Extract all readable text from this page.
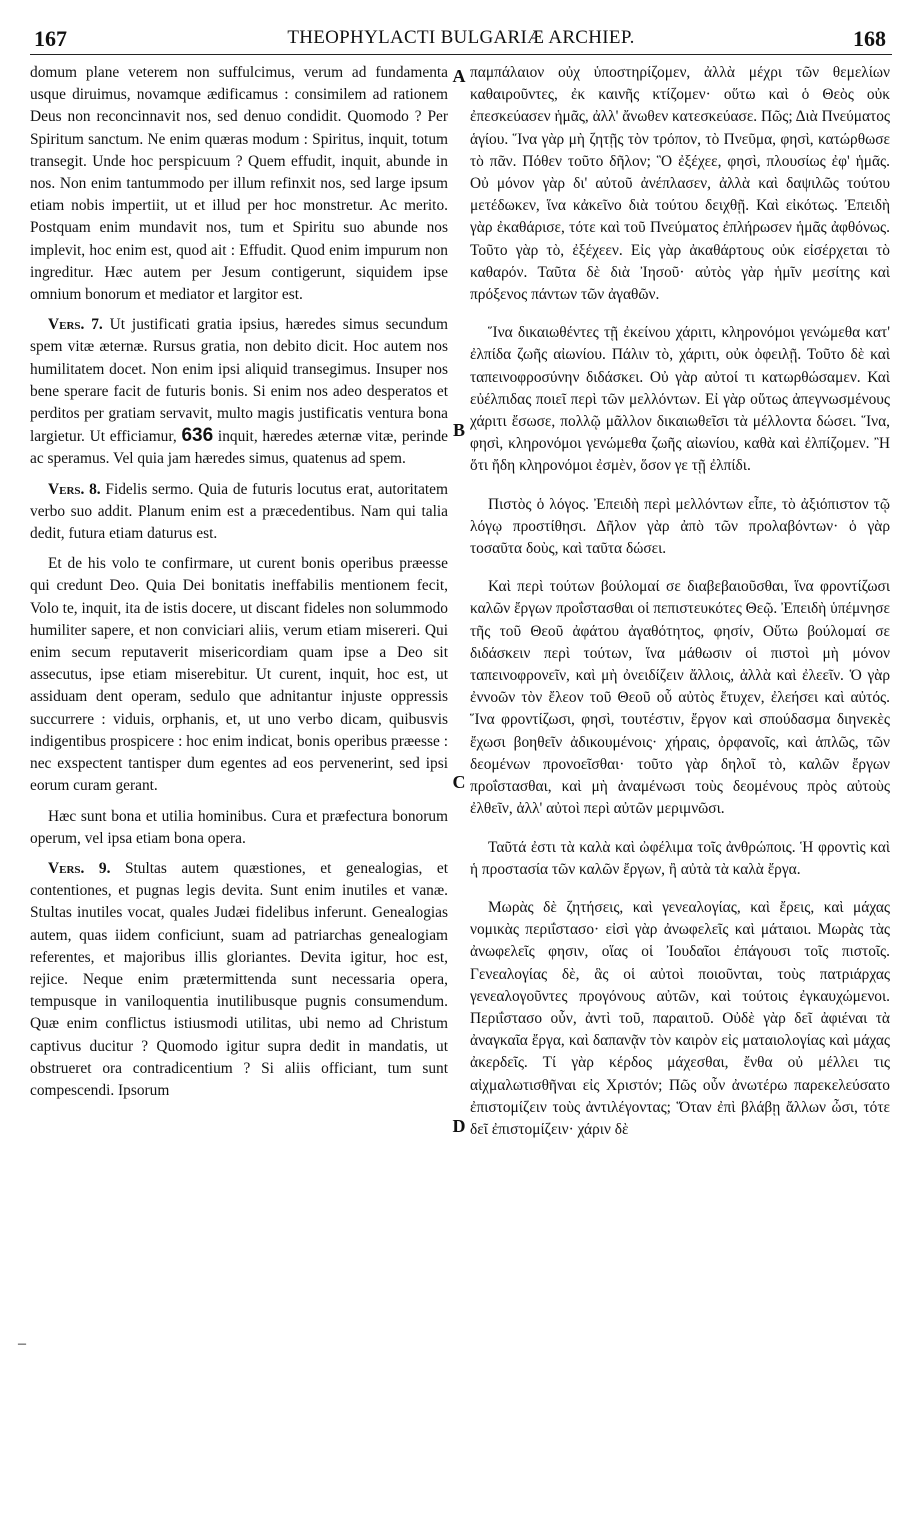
167	THEOPHYLACTI BULGARIÆ ARCHIEP.	168

domum plane veterem non suffulcimus, verum ad fundamenta usque diruimus, novamque ædificamus : consimilem ad rationem Deus non reconcinnavit nos, sed denuo condidit. Quomodo ? Per Spiritum sanctum. Ne enim quæras modum : Spiritus, inquit, totum transegit. Unde hoc perspicuum ? Quem effudit, inquit, abunde in nos. Non enim tantummodo per illum refinxit nos, sed large ipsum etiam nobis impertiit, ut et illud per hoc monstretur. Ac merito. Postquam enim mundavit nos, tum et Spiritu suo abunde nos implevit, hoc enim est, quod ait : Effudit. Quod enim impurum non ingreditur. Hæc autem per Jesum contigerunt, siquidem ipse omnium bonorum et mediator et largitor est.

Vers. 7. Ut justificati gratia ipsius, hæredes simus secundum spem vitæ æternæ. Rursus gratia, non debito dicit. Hoc autem nos humilitatem docet. Non enim ipsi aliquid transegimus. Insuper nos bene sperare facit de futuris bonis. Si enim nos adeo desperatos et perditos per gratiam servavit, multo magis justificatis ventura bona largietur. Ut efficiamur, 636 inquit, hæredes æternæ vitæ, perinde ac speramus. Vel quia jam hæredes simus, quatenus ad spem.

Vers. 8. Fidelis sermo. Quia de futuris locutus erat, autoritatem verbo suo addit. Planum enim est a præcedentibus. Nam qui talia dedit, futura etiam daturus est.

Et de his volo te confirmare, ut curent bonis operibus præesse qui credunt Deo. Quia Dei bonitatis ineffabilis mentionem fecit, Volo te, inquit, ita de istis docere, ut discant fideles non solummodo humiliter sapere, et non conviciari aliis, verum etiam misereri. Qui enim secum reputaverit misericordiam quam ipse a Deo sit assecutus, ipse etiam miserebitur. Ut curent, inquit, hoc est, ut assiduam dent operam, sedulo que adnitantur injuste oppressis succurrere : viduis, orphanis, et, ut uno verbo dicam, quibusvis indigentibus prospicere : hoc enim indicat, bonis operibus præesse : nec exspectent tantisper dum egentes ad eos pervenerint, sed ipsi eorum curam gerant.

Hæc sunt bona et utilia hominibus. Cura et præfectura bonorum operum, vel ipsa etiam bona opera.

Vers. 9. Stultas autem quæstiones, et genealogias, et contentiones, et pugnas legis devita. Sunt enim inutiles et vanæ. Stultas inutiles vocat, quales Judæi fidelibus inferunt. Genealogias autem, quas iidem conficiunt, suam ad patriarchas genealogiam referentes, et majoribus illis gloriantes. Devita igitur, hoc est, rejice. Neque enim prætermittenda sunt necessaria opera, tempusque in vaniloquentia inutilibusque pugnis consumendum. Quæ enim conflictus istiusmodi utilitas, ubi nemo ad Christum captivus ducitur ? Quomodo igitur supra dedit in mandatis, ut obstrueret ora contradicentium ? Si aliis officiant, tum sunt compescendi. Ipsorum

–
A
B
C
D

παμπάλαιον οὐχ ὑποστηρίζομεν, ἀλλὰ μέχρι τῶν θεμελίων καθαιροῦντες, ἐκ καινῆς κτίζομεν· οὕτω καὶ ὁ Θεὸς οὐκ ἐπεσκεύασεν ἡμᾶς, ἀλλ' ἄνωθεν κατεσκεύασε. Πῶς; Διὰ Πνεύματος ἁγίου. Ἵνα γὰρ μὴ ζητῇς τὸν τρόπον, τὸ Πνεῦμα, φησὶ, κατώρθωσε τὸ πᾶν. Πόθεν τοῦτο δῆλον; Ὃ ἐξέχεε, φησὶ, πλουσίως ἐφ' ἡμᾶς. Οὐ μόνον γὰρ δι' αὐτοῦ ἀνέπλασεν, ἀλλὰ καὶ δαψιλῶς τούτου μετέδωκεν, ἵνα κἀκεῖνο διὰ τούτου δειχθῇ. Καὶ εἰκότως. Ἐπειδὴ γὰρ ἐκαθάρισε, τότε καὶ τοῦ Πνεύματος ἐπλήρωσεν ἡμᾶς ἀφθόνως. Τοῦτο γὰρ τὸ, ἐξέχεεν. Εἰς γὰρ ἀκαθάρτους οὐκ εἰσέρχεται τὸ καθαρόν. Ταῦτα δὲ διὰ Ἰησοῦ· αὐτὸς γὰρ ἡμῖν μεσίτης καὶ πρόξενος πάντων τῶν ἀγαθῶν.

Ἵνα δικαιωθέντες τῇ ἐκείνου χάριτι, κληρονόμοι γενώμεθα κατ' ἐλπίδα ζωῆς αἰωνίου. Πάλιν τὸ, χάριτι, οὐκ ὀφειλῇ. Τοῦτο δὲ καὶ ταπεινοφροσύνην διδάσκει. Οὐ γὰρ αὐτοί τι κατωρθώσαμεν. Καὶ εὐέλπιδας ποιεῖ περὶ τῶν μελλόντων. Εἰ γὰρ οὕτως ἀπεγνωσμένους χάριτι ἔσωσε, πολλῷ μᾶλλον δικαιωθεῖσι τὰ μέλλοντα δώσει. Ἵνα, φησὶ, κληρονόμοι γενώμεθα ζωῆς αἰωνίου, καθὰ καὶ ἐλπίζομεν. Ἢ ὅτι ἤδη κληρονόμοι ἐσμὲν, ὅσον γε τῇ ἐλπίδι.

Πιστὸς ὁ λόγος. Ἐπειδὴ περὶ μελλόντων εἶπε, τὸ ἀξιόπιστον τῷ λόγῳ προστίθησι. Δῆλον γὰρ ἀπὸ τῶν προλαβόντων· ὁ γὰρ τοσαῦτα δοὺς, καὶ ταῦτα δώσει.

Καὶ περὶ τούτων βούλομαί σε διαβεβαιοῦσθαι, ἵνα φροντίζωσι καλῶν ἔργων προΐστασθαι οἱ πεπιστευκότες Θεῷ. Ἐπειδὴ ὑπέμνησε τῆς τοῦ Θεοῦ ἀφάτου ἀγαθότητος, φησίν, Οὕτω βούλομαί σε διδάσκειν περὶ τούτων, ἵνα μάθωσιν οἱ πιστοὶ μὴ μόνον ταπεινοφρονεῖν, καὶ μὴ ὀνειδίζειν ἄλλοις, ἀλλὰ καὶ ἐλεεῖν. Ὁ γὰρ ἐννοῶν τὸν ἔλεον τοῦ Θεοῦ οὗ αὐτὸς ἔτυχεν, ἐλεήσει καὶ αὐτός. Ἵνα φροντίζωσι, φησὶ, τουτέστιν, ἔργον καὶ σπούδασμα διηνεκὲς ἔχωσι βοηθεῖν ἀδικουμένοις· χήραις, ὀρφανοῖς, καὶ ἁπλῶς, τῶν δεομένων προνοεῖσθαι· τοῦτο γὰρ δηλοῖ τὸ, καλῶν ἔργων προΐστασθαι, καὶ μὴ ἀναμένωσι τοὺς δεομένους πρὸς αὐτοὺς ἐλθεῖν, ἀλλ' αὐτοὶ περὶ αὐτῶν μεριμνῶσι.

Ταῦτά ἐστι τὰ καλὰ καὶ ὠφέλιμα τοῖς ἀνθρώποις. Ἡ φροντὶς καὶ ἡ προστασία τῶν καλῶν ἔργων, ἢ αὐτὰ τὰ καλὰ ἔργα.

Μωρὰς δὲ ζητήσεις, καὶ γενεαλογίας, καὶ ἔρεις, καὶ μάχας νομικὰς περιΐστασο· εἰσὶ γὰρ ἀνωφελεῖς καὶ μάταιοι. Μωρὰς τὰς ἀνωφελεῖς φησιν, οἵας οἱ Ἰουδαῖοι ἐπάγουσι τοῖς πιστοῖς. Γενεαλογίας δὲ, ἃς οἱ αὐτοὶ ποιοῦνται, τοὺς πατριάρχας γενεαλογοῦντες προγόνους αὐτῶν, καὶ τούτοις ἐγκαυχώμενοι. Περιΐστασο οὖν, ἀντὶ τοῦ, παραιτοῦ. Οὐδὲ γὰρ δεῖ ἀφιέναι τὰ ἀναγκαῖα ἔργα, καὶ δαπανᾷν τὸν καιρὸν εἰς ματαιολογίας καὶ μάχας ἀκερδεῖς. Τί γὰρ κέρδος μάχεσθαι, ἔνθα οὐ μέλλει τις αἰχμαλωτισθῆναι εἰς Χριστόν; Πῶς οὖν ἀνωτέρω παρεκελεύσατο ἐπιστομίζειν τοὺς ἀντιλέγοντας; Ὅταν ἐπὶ βλάβῃ ἄλλων ὦσι, τότε δεῖ ἐπιστομίζειν· χάριν δὲ
